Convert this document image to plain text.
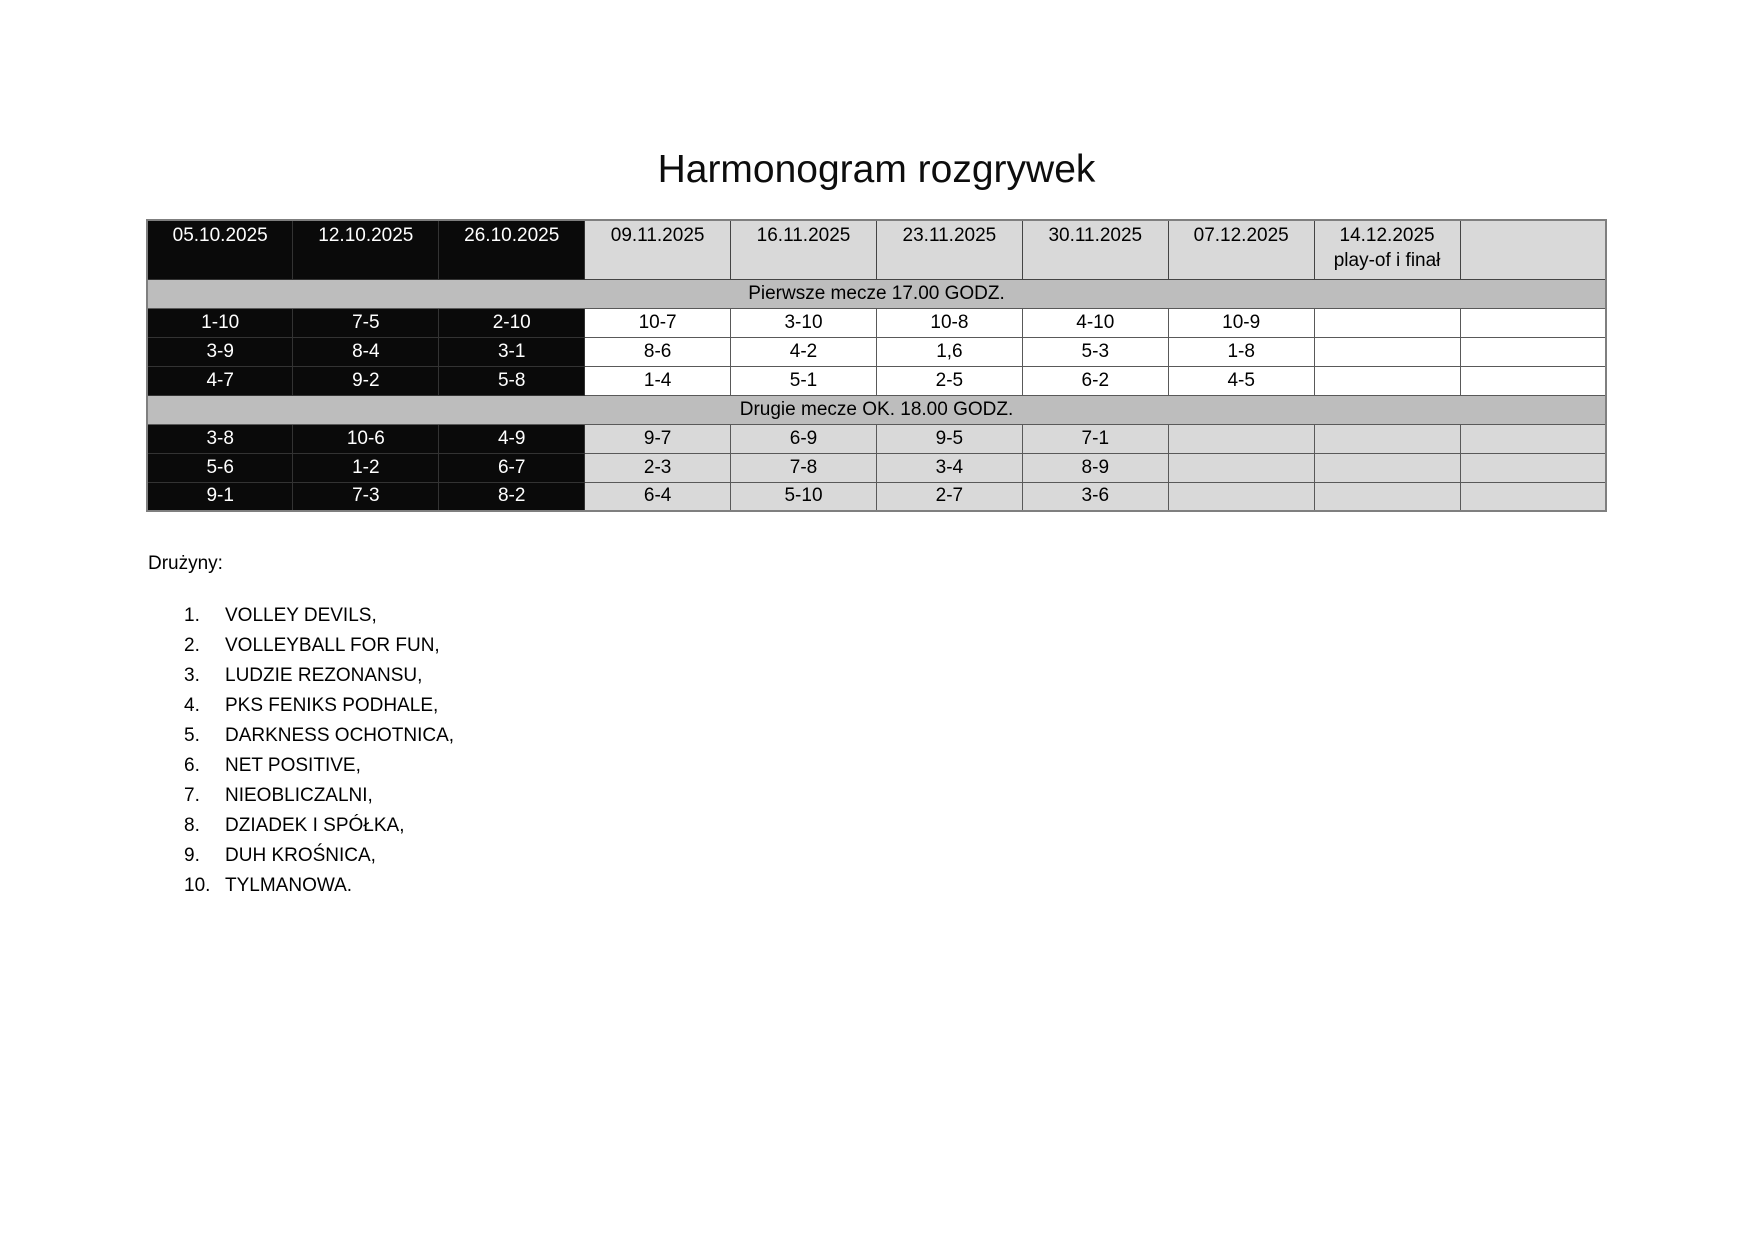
Harmonogram rozgrywek
05.10.2025	12.10.2025	26.10.2025	09.11.2025	16.11.2025	23.11.2025	30.11.2025	07.12.2025	14.12.2025
play-of i finał	

Pierwsze mecze 17.00 GODZ.									
1-10	7-5	2-10	10-7	3-10	10-8	4-10	10-9		
3-9	8-4	3-1	8-6	4-2	1,6	5-3	1-8		
4-7	9-2	5-8	1-4	5-1	2-5	6-2	4-5		
Drugie mecze OK. 18.00 GODZ.									
3-8	10-6	4-9	9-7	6-9	9-5	7-1			
5-6	1-2	6-7	2-3	7-8	3-4	8-9			
9-1	7-3	8-2	6-4	5-10	2-7	3-6			

Drużyny:

1.	VOLLEY DEVILS,
2.	VOLLEYBALL FOR FUN,
3.	LUDZIE REZONANSU,
4.	PKS FENIKS PODHALE,
5.	DARKNESS OCHOTNICA,
6.	NET POSITIVE,
7.	NIEOBLICZALNI,
8.	DZIADEK I SPÓŁKA,
9.	DUH KROŚNICA,
10. TYLMANOWA.
